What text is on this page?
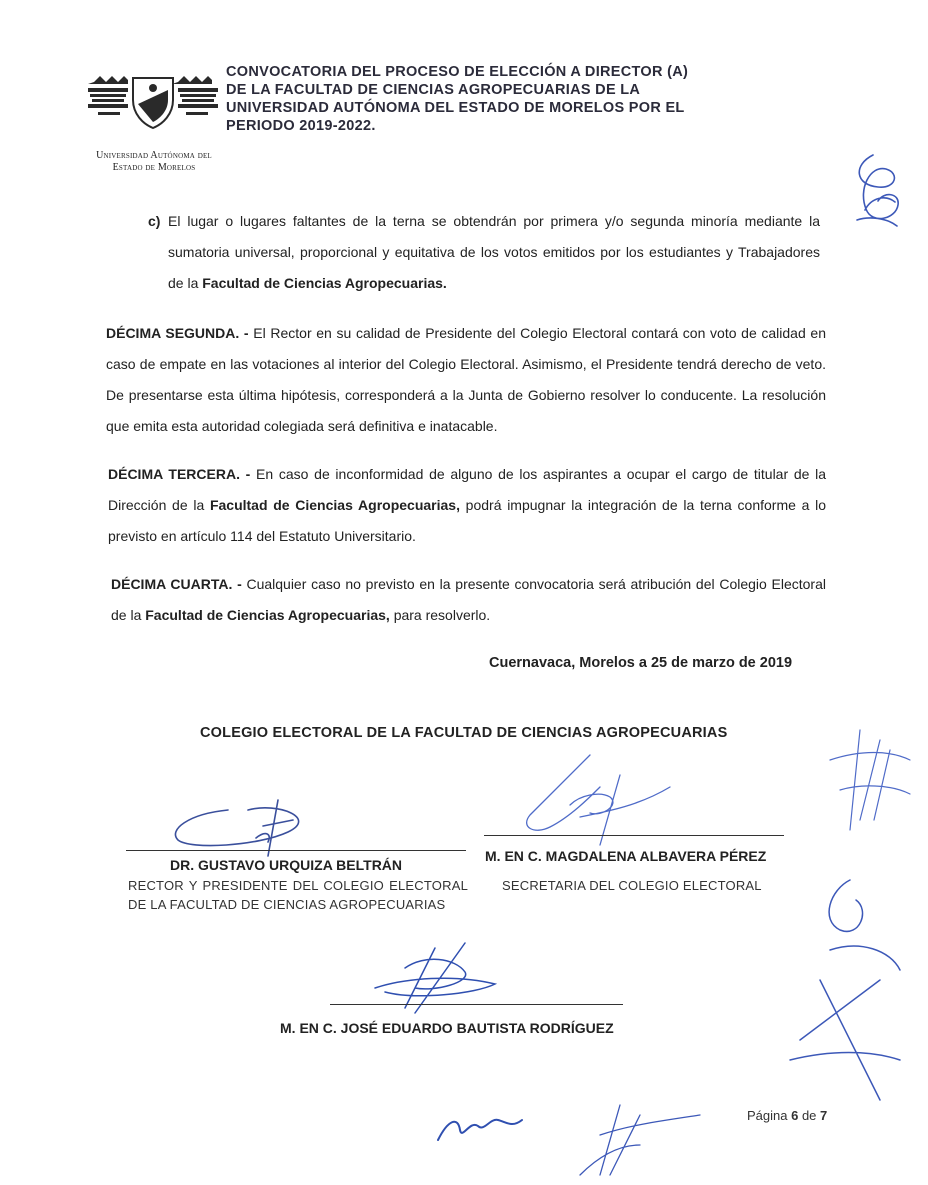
Universidad Autónoma del Estado de Morelos
CONVOCATORIA DEL PROCESO DE ELECCIÓN A DIRECTOR (A) DE LA FACULTAD DE CIENCIAS AGROPECUARIAS DE LA UNIVERSIDAD AUTÓNOMA DEL ESTADO DE MORELOS POR EL PERIODO 2019-2022.
c) El lugar o lugares faltantes de la terna se obtendrán por primera y/o segunda minoría mediante la sumatoria universal, proporcional y equitativa de los votos emitidos por los estudiantes y Trabajadores de la Facultad de Ciencias Agropecuarias.
DÉCIMA SEGUNDA. - El Rector en su calidad de Presidente del Colegio Electoral contará con voto de calidad en caso de empate en las votaciones al interior del Colegio Electoral. Asimismo, el Presidente tendrá derecho de veto. De presentarse esta última hipótesis, corresponderá a la Junta de Gobierno resolver lo conducente. La resolución que emita esta autoridad colegiada será definitiva e inatacable.
DÉCIMA TERCERA. - En caso de inconformidad de alguno de los aspirantes a ocupar el cargo de titular de la Dirección de la Facultad de Ciencias Agropecuarias, podrá impugnar la integración de la terna conforme a lo previsto en artículo 114 del Estatuto Universitario.
DÉCIMA CUARTA. - Cualquier caso no previsto en la presente convocatoria será atribución del Colegio Electoral de la Facultad de Ciencias Agropecuarias, para resolverlo.
Cuernavaca, Morelos a 25 de marzo de 2019
COLEGIO ELECTORAL DE LA FACULTAD DE CIENCIAS AGROPECUARIAS
DR. GUSTAVO URQUIZA BELTRÁN
M. EN C. MAGDALENA ALBAVERA PÉREZ
RECTOR Y PRESIDENTE DEL COLEGIO ELECTORAL DE LA FACULTAD DE CIENCIAS AGROPECUARIAS
SECRETARIA DEL COLEGIO ELECTORAL
M. EN C. JOSÉ EDUARDO BAUTISTA RODRÍGUEZ
Página 6 de 7
